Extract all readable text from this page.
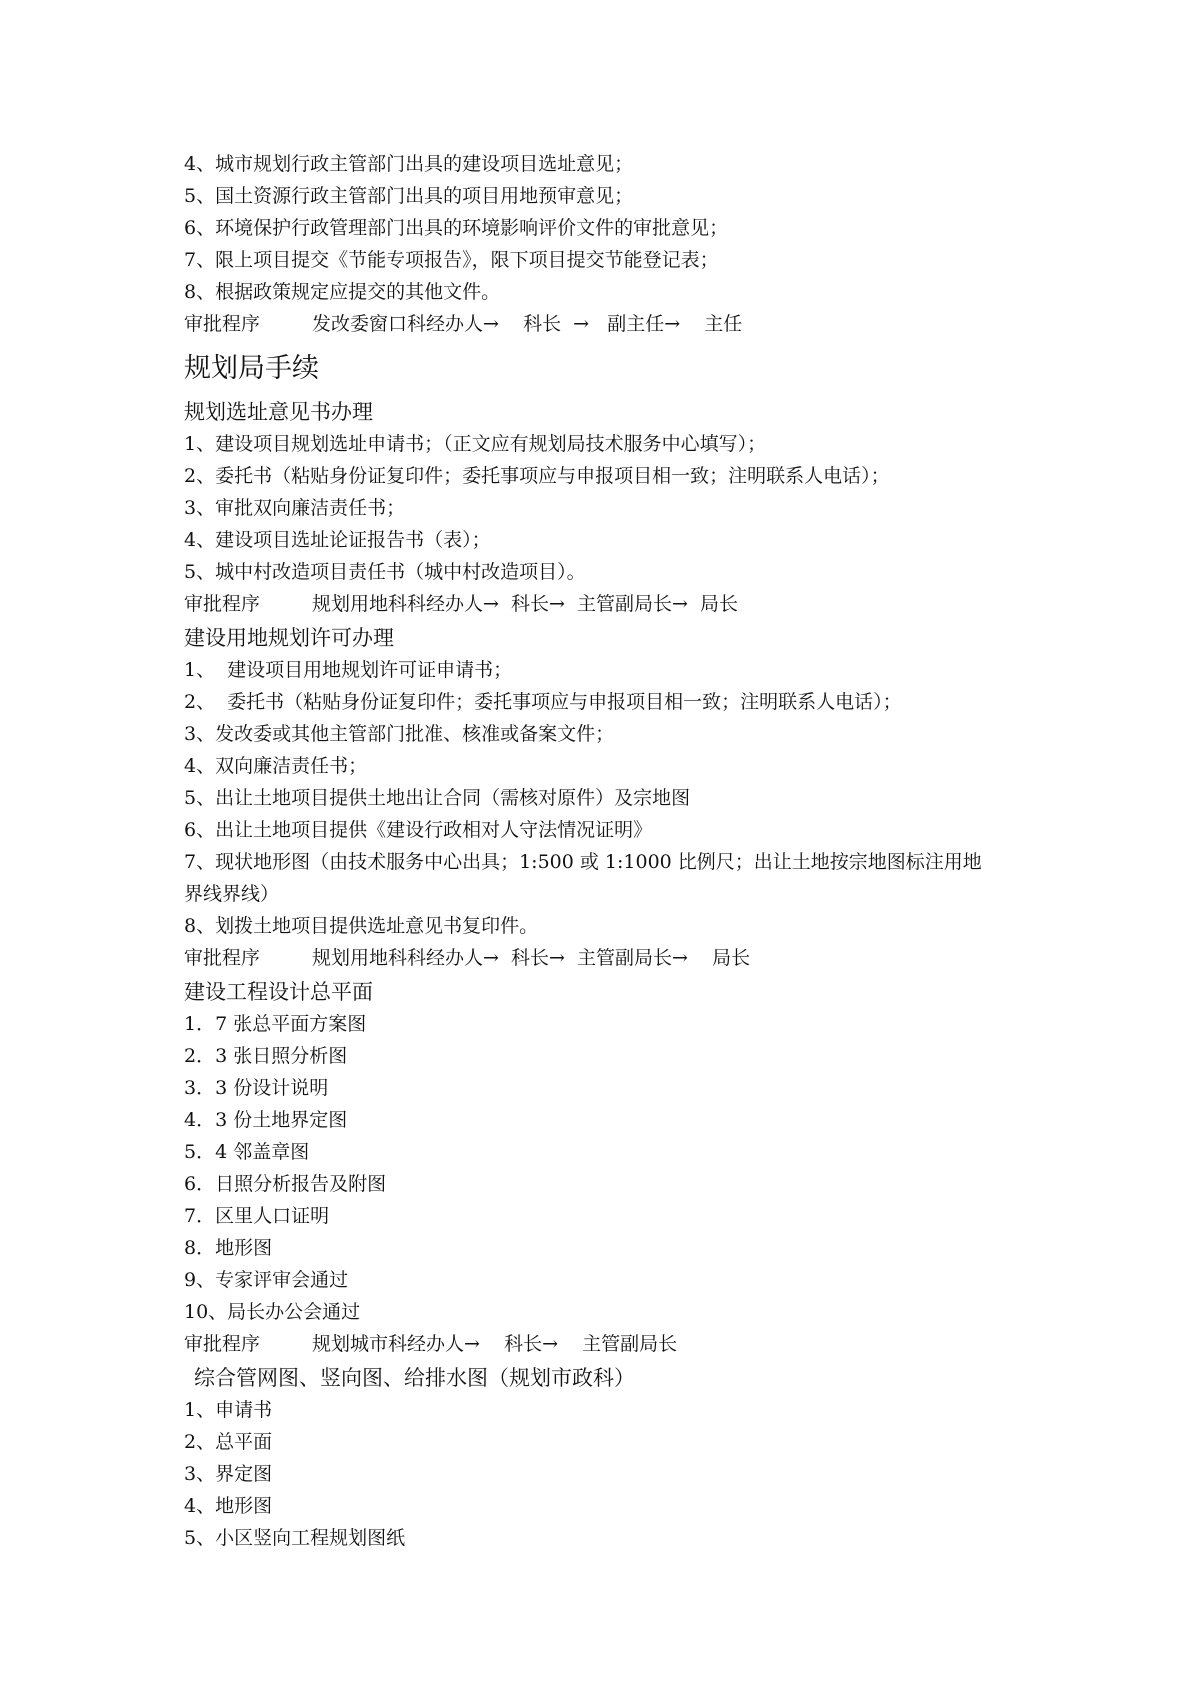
4、城市规划行政主管部门出具的建设项目选址意见；
5、国土资源行政主管部门出具的项目用地预审意见；
6、环境保护行政管理部门出具的环境影响评价文件的审批意见；
7、限上项目提交《节能专项报告》，限下项目提交节能登记表；
8、根据政策规定应提交的其他文件。
审批程序	发改委窗口科经办人→    科长  →   副主任→    主任
规划局手续
规划选址意见书办理
1、建设项目规划选址申请书；（正文应有规划局技术服务中心填写）；
2、委托书（粘贴身份证复印件；委托事项应与申报项目相一致；注明联系人电话）；
3、审批双向廉洁责任书；
4、建设项目选址论证报告书（表）；
5、城中村改造项目责任书（城中村改造项目）。
审批程序	规划用地科科经办人→  科长→  主管副局长→  局长
建设用地规划许可办理
1、  建设项目用地规划许可证申请书；
2、  委托书（粘贴身份证复印件；委托事项应与申报项目相一致；注明联系人电话）；
3、发改委或其他主管部门批准、核准或备案文件；
4、双向廉洁责任书；
5、出让土地项目提供土地出让合同（需核对原件）及宗地图
6、出让土地项目提供《建设行政相对人守法情况证明》
7、现状地形图（由技术服务中心出具；1:500 或 1:1000 比例尺；出让土地按宗地图标注用地界线界线）
8、划拨土地项目提供选址意见书复印件。
审批程序	规划用地科科经办人→  科长→  主管副局长→    局长
建设工程设计总平面
1．7 张总平面方案图
2．3 张日照分析图
3．3 份设计说明
4．3 份土地界定图
5．4 邻盖章图
6．日照分析报告及附图
7．区里人口证明
8．地形图
9、专家评审会通过
10、局长办公会通过
审批程序	规划城市科经办人→    科长→    主管副局长
综合管网图、竖向图、给排水图（规划市政科）
1、申请书
2、总平面
3、界定图
4、地形图
5、小区竖向工程规划图纸
